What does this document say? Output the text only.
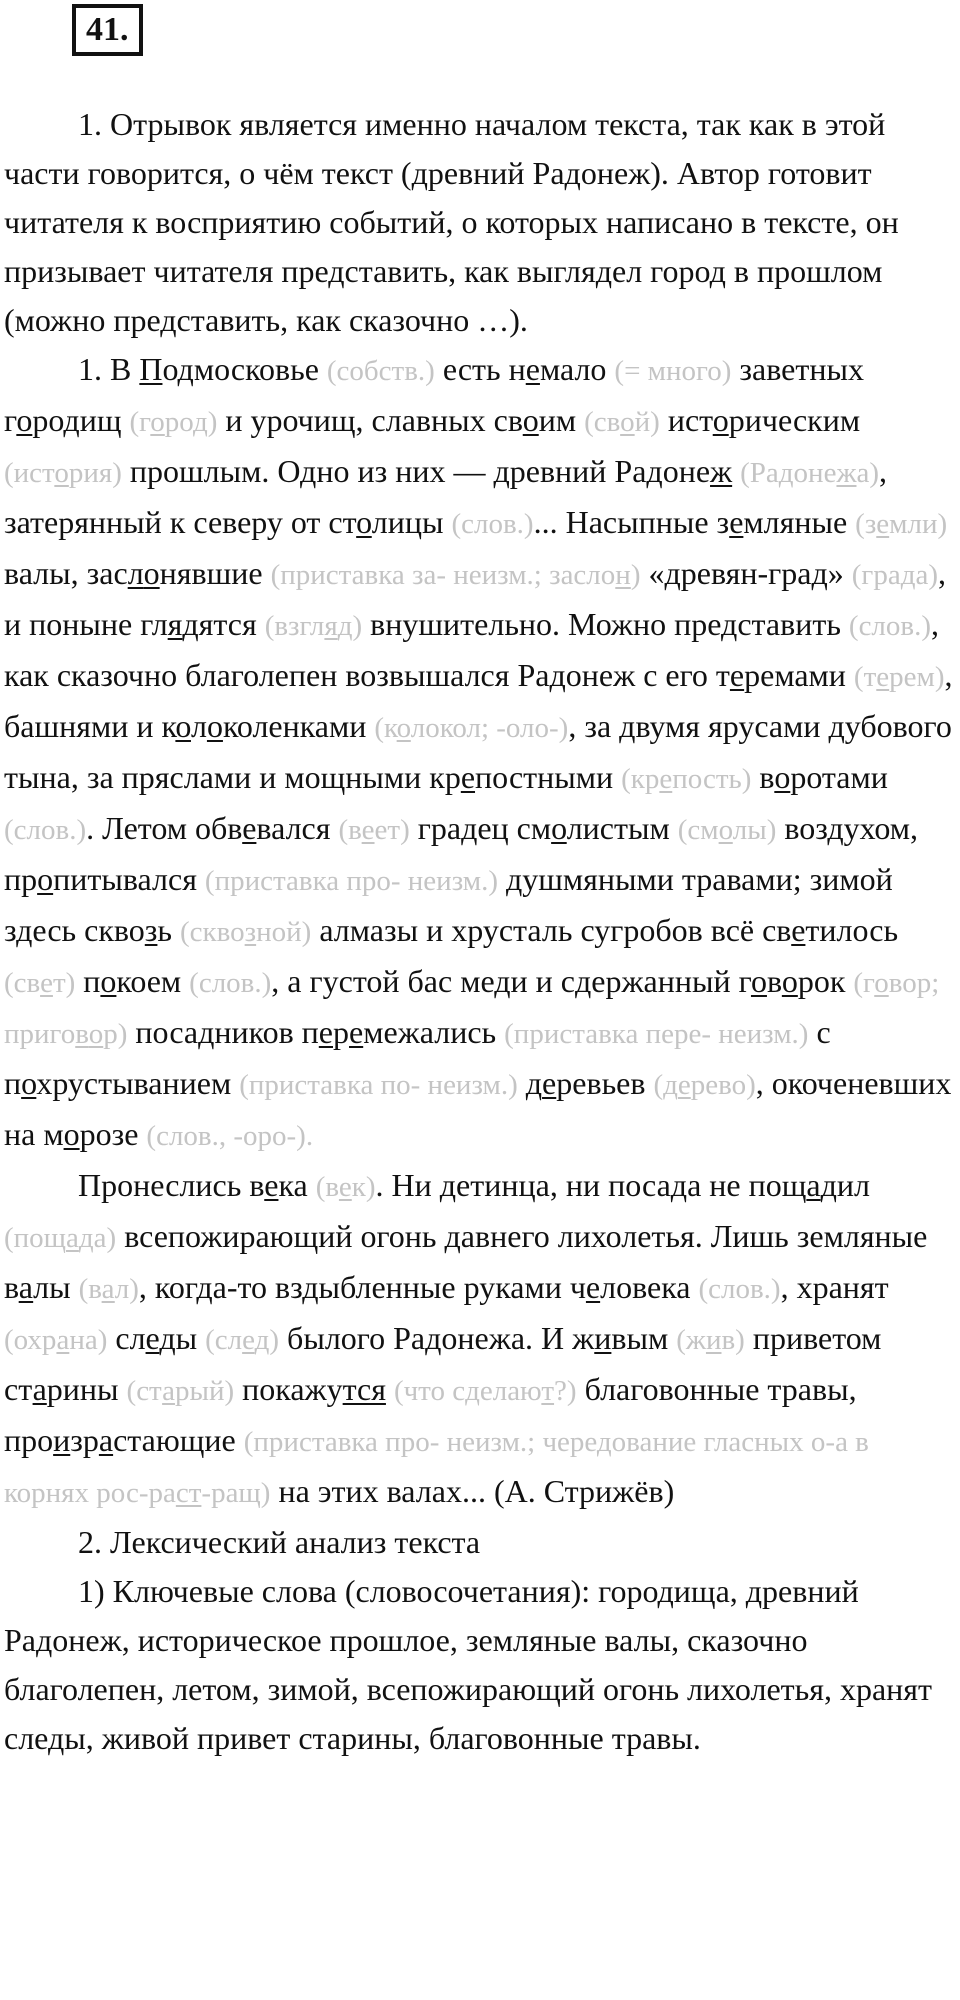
41.

1. Отрывок является именно началом текста, так как в этой части говорится, о чём текст (древний Радонеж). Автор готовит читателя к восприятию событий, о которых написано в тексте, он призывает читателя представить, как выглядел город в прошлом (можно представить, как сказочно …).

1. В Подмосковье (собств.) есть немало (= много) заветных городищ (город) и урочищ, славных своим (свой) историческим (история) прошлым. Одно из них — древний Радонеж (Радонежа), затерянный к северу от столицы (слов.)... Насыпные земляные (земли) валы, заслонявшие (приставка за- неизм.; заслон) «древян-град» (града), и поныне глядятся (взгляд) внушительно. Можно представить (слов.), как сказочно благолепен возвышался Радонеж с его теремами (терем), башнями и колоколенками (колокол; -оло-), за двумя ярусами дубового тына, за пряслами и мощными крепостными (крепость) воротами (слов.). Летом обвевался (веет) градец смолистым (смолы) воздухом, пропитывался (приставка про- неизм.) душмяными травами; зимой здесь сквозь (сквозной) алмазы и хрусталь сугробов всё светилось (свет) покоем (слов.), а густой бас меди и сдержанный говорок (говор; приговор) посадников перемежались (приставка пере- неизм.) с похрустыванием (приставка по- неизм.) деревьев (дерево), окоченевших на морозе (слов., -оро-).

Пронеслись века (век). Ни детинца, ни посада не пощадил (пощада) всепожирающий огонь давнего лихолетья. Лишь земляные валы (вал), когда-то вздыбленные руками человека (слов.), хранят (охрана) следы (след) былого Радонежа. И живым (жив) приветом старины (старый) покажутся (что сделают?) благовонные травы, произрастающие (приставка про- неизм.; чередование гласных о-а в корнях рос-раст-ращ) на этих валах... (А. Стрижёв)

2. Лексический анализ текста

1) Ключевые слова (словосочетания): городища, древний Радонеж, историческое прошлое, земляные валы, сказочно благолепен, летом, зимой, всепожирающий огонь лихолетья, хранят следы, живой привет старины, благовонные травы.
